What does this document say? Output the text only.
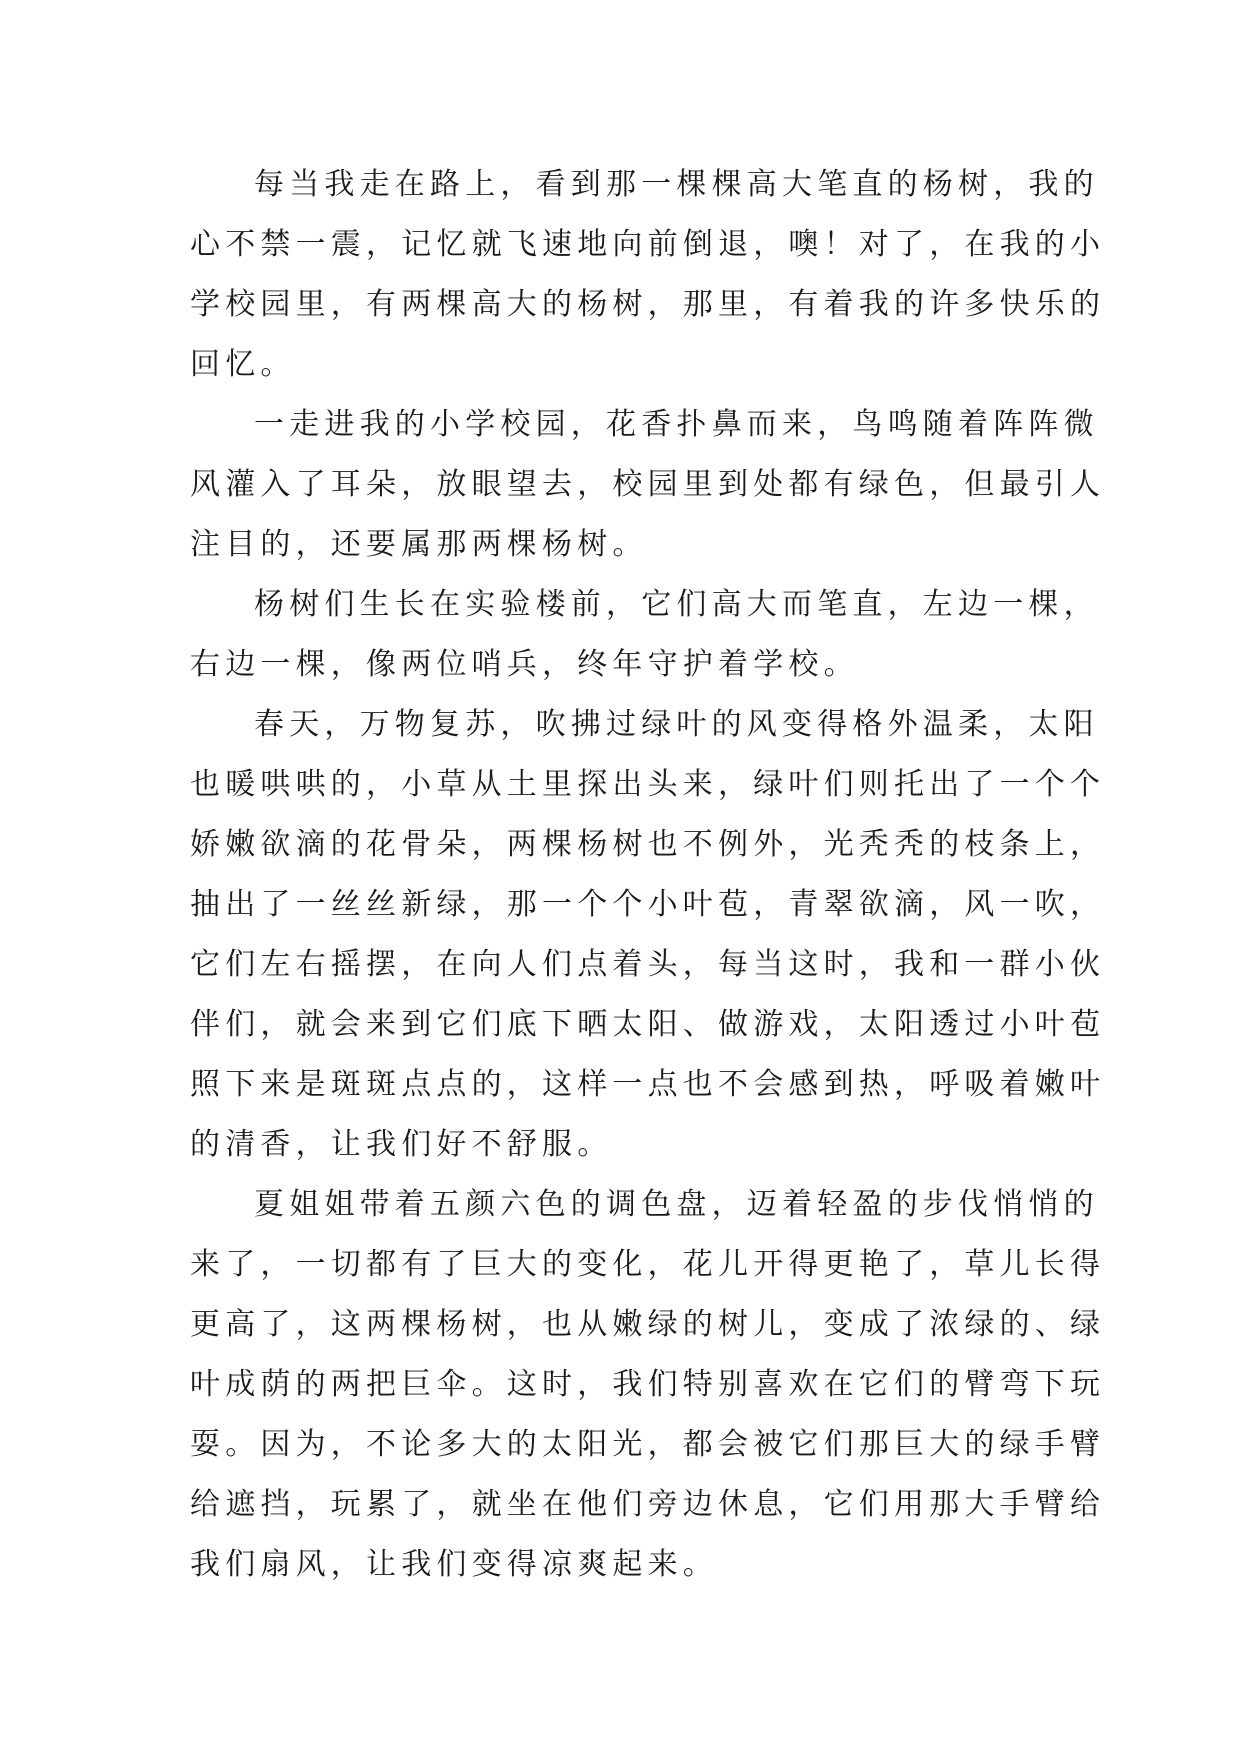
每当我走在路上，看到那一棵棵高大笔直的杨树，我的
心不禁一震，记忆就飞速地向前倒退，噢！对了，在我的小
学校园里，有两棵高大的杨树，那里，有着我的许多快乐的
回忆。
一走进我的小学校园，花香扑鼻而来，鸟鸣随着阵阵微
风灌入了耳朵，放眼望去，校园里到处都有绿色，但最引人
注目的，还要属那两棵杨树。
杨树们生长在实验楼前，它们高大而笔直，左边一棵，
右边一棵，像两位哨兵，终年守护着学校。
春天，万物复苏，吹拂过绿叶的风变得格外温柔，太阳
也暖哄哄的，小草从土里探出头来，绿叶们则托出了一个个
娇嫩欲滴的花骨朵，两棵杨树也不例外，光秃秃的枝条上，
抽出了一丝丝新绿，那一个个小叶苞，青翠欲滴，风一吹，
它们左右摇摆，在向人们点着头，每当这时，我和一群小伙
伴们，就会来到它们底下晒太阳、做游戏，太阳透过小叶苞
照下来是斑斑点点的，这样一点也不会感到热，呼吸着嫩叶
的清香，让我们好不舒服。
夏姐姐带着五颜六色的调色盘，迈着轻盈的步伐悄悄的
来了，一切都有了巨大的变化，花儿开得更艳了，草儿长得
更高了，这两棵杨树，也从嫩绿的树儿，变成了浓绿的、绿
叶成荫的两把巨伞。这时，我们特别喜欢在它们的臂弯下玩
耍。因为，不论多大的太阳光，都会被它们那巨大的绿手臂
给遮挡，玩累了，就坐在他们旁边休息，它们用那大手臂给
我们扇风，让我们变得凉爽起来。
